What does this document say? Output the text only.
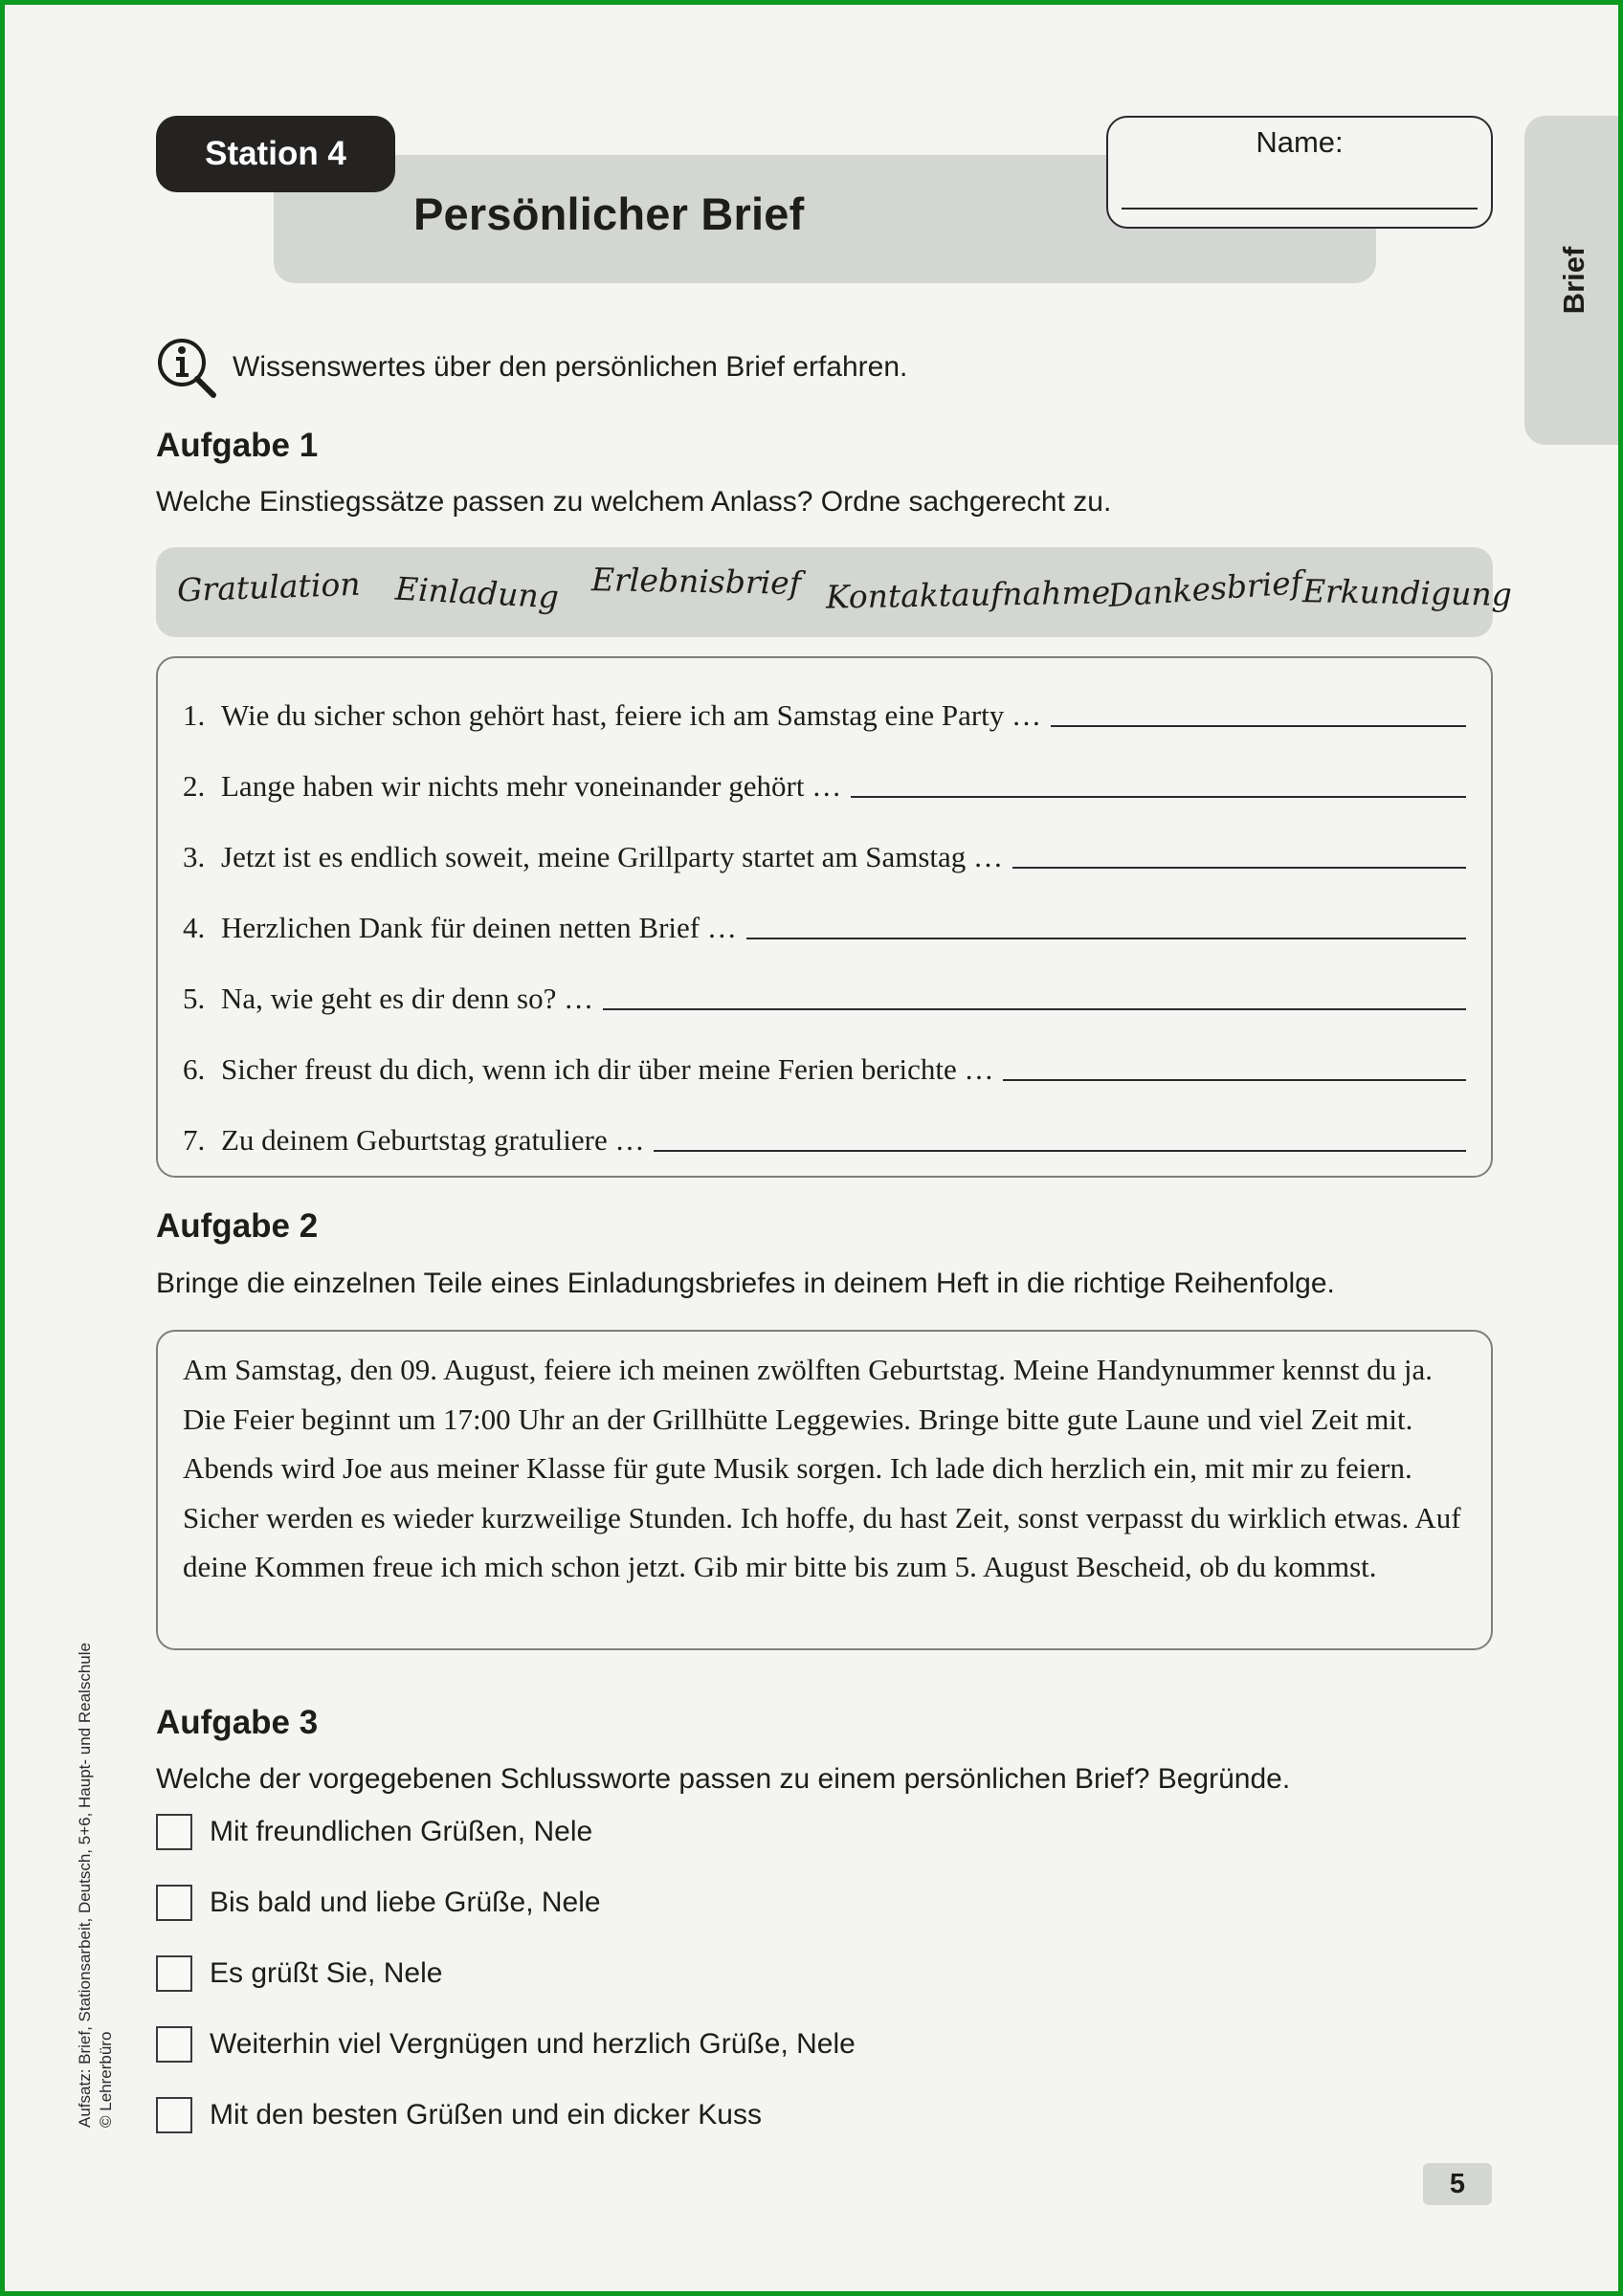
Station 4
Persönlicher Brief
Name:
Brief
Wissenswertes über den persönlichen Brief erfahren.
Aufgabe 1
Welche Einstiegssätze passen zu welchem Anlass? Ordne sachgerecht zu.
Gratulation Einladung Erlebnisbrief Kontaktaufnahme
Dankesbrief
Erkundigung
1. Wie du sicher schon gehört hast, feiere ich am Samstag eine Party …
2. Lange haben wir nichts mehr voneinander gehört …
3. Jetzt ist es endlich soweit, meine Grillparty startet am Samstag …
4. Herzlichen Dank für deinen netten Brief …
5. Na, wie geht es dir denn so? …
6. Sicher freust du dich, wenn ich dir über meine Ferien berichte …
7. Zu deinem Geburtstag gratuliere …
Aufgabe 2
Bringe die einzelnen Teile eines Einladungsbriefes in deinem Heft in die richtige Reihenfolge.
Am Samstag, den 09. August, feiere ich meinen zwölften Geburtstag. Meine Handynummer kennst du ja. Die Feier beginnt um 17:00 Uhr an der Grillhütte Leggewies. Bringe bitte gute Laune und viel Zeit mit. Abends wird Joe aus meiner Klasse für gute Musik sorgen. Ich lade dich herzlich ein, mit mir zu feiern. Sicher werden es wieder kurzweilige Stunden. Ich hoffe, du hast Zeit, sonst verpasst du wirklich etwas. Auf deine Kommen freue ich mich schon jetzt. Gib mir bitte bis zum 5. August Bescheid, ob du kommst.
Aufgabe 3
Welche der vorgegebenen Schlussworte passen zu einem persönlichen Brief? Begründe.
Mit freundlichen Grüßen, Nele
Bis bald und liebe Grüße, Nele
Es grüßt Sie, Nele
Weiterhin viel Vergnügen und herzlich Grüße, Nele
Mit den besten Grüßen und ein dicker Kuss
Aufsatz: Brief, Stationsarbeit, Deutsch, 5+6, Haupt- und Realschule © Lehrerbüro
5
